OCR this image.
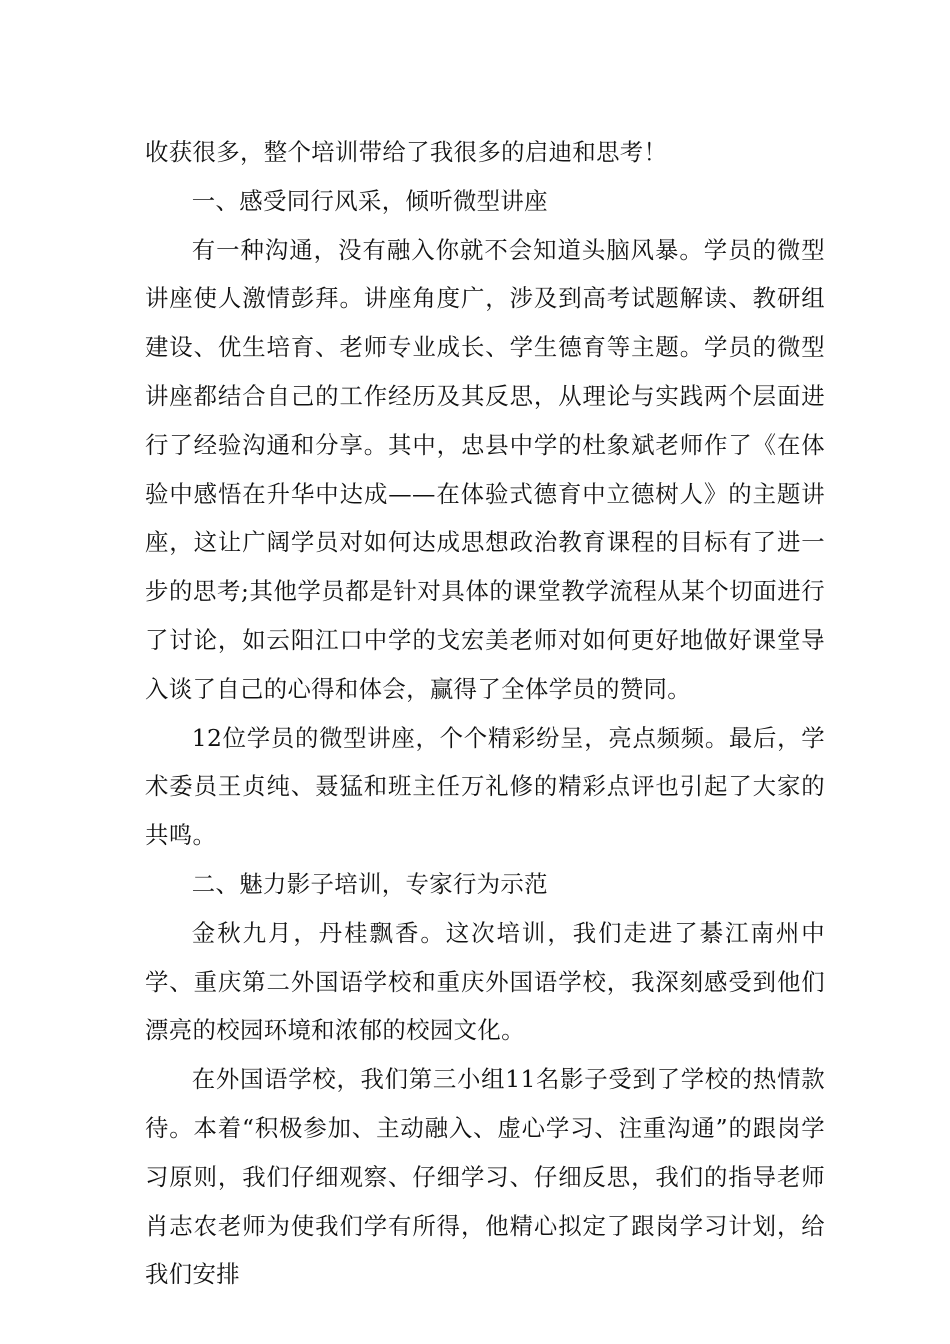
收获很多，整个培训带给了我很多的启迪和思考！

一、感受同行风采，倾听微型讲座

有一种沟通，没有融入你就不会知道头脑风暴。学员的微型讲座使人激情彭拜。讲座角度广，涉及到高考试题解读、教研组建设、优生培育、老师专业成长、学生德育等主题。学员的微型讲座都结合自己的工作经历及其反思，从理论与实践两个层面进行了经验沟通和分享。其中，忠县中学的杜象斌老师作了《在体验中感悟在升华中达成——在体验式德育中立德树人》的主题讲座，这让广阔学员对如何达成思想政治教育课程的目标有了进一步的思考;其他学员都是针对具体的课堂教学流程从某个切面进行了讨论，如云阳江口中学的戈宏美老师对如何更好地做好课堂导入谈了自己的心得和体会，赢得了全体学员的赞同。

12位学员的微型讲座，个个精彩纷呈，亮点频频。最后，学术委员王贞纯、聂猛和班主任万礼修的精彩点评也引起了大家的共鸣。

二、魅力影子培训，专家行为示范

金秋九月，丹桂飘香。这次培训，我们走进了綦江南州中学、重庆第二外国语学校和重庆外国语学校，我深刻感受到他们漂亮的校园环境和浓郁的校园文化。

在外国语学校，我们第三小组11名影子受到了学校的热情款待。本着“积极参加、主动融入、虚心学习、注重沟通”的跟岗学习原则，我们仔细观察、仔细学习、仔细反思，我们的指导老师肖志农老师为使我们学有所得，他精心拟定了跟岗学习计划，给我们安排
